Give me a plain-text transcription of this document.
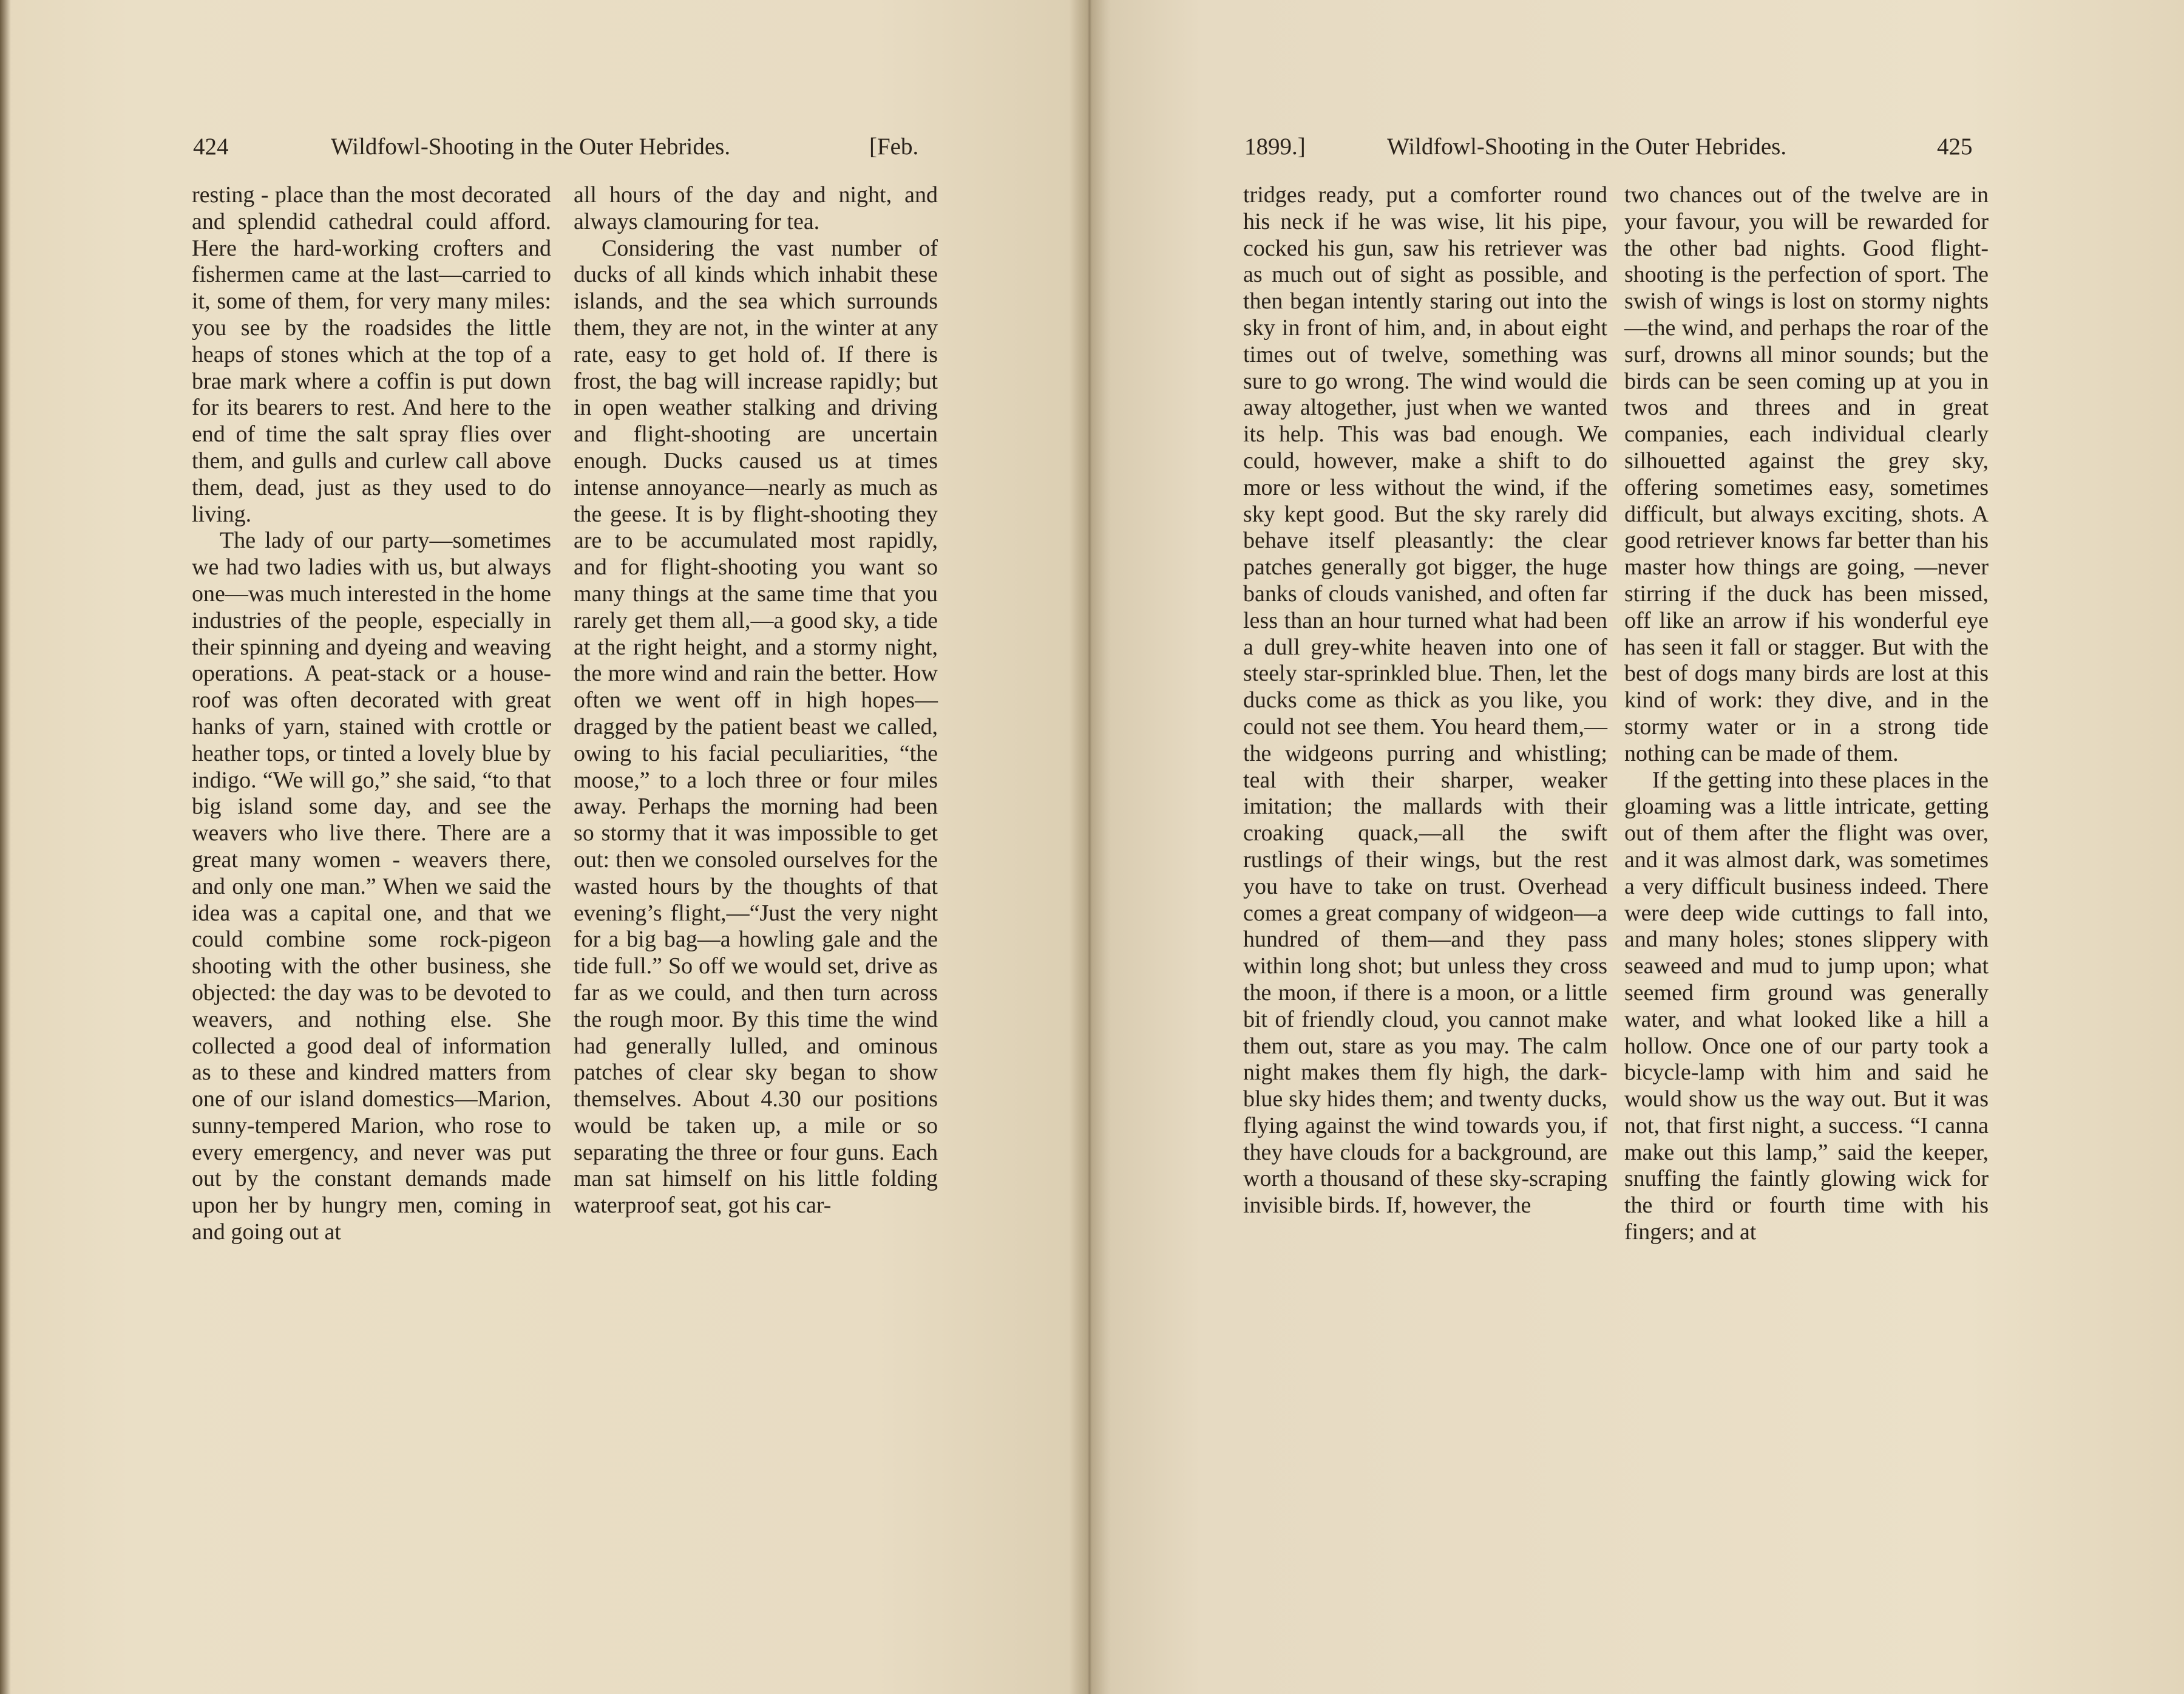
424	Wildfowl-Shooting in the Outer Hebrides.	[Feb.

resting - place than the most decorated and splendid cathedral could afford. Here the hard-working crofters and fishermen came at the last—carried to it, some of them, for very many miles: you see by the roadsides the little heaps of stones which at the top of a brae mark where a coffin is put down for its bearers to rest. And here to the end of time the salt spray flies over them, and gulls and curlew call above them, dead, just as they used to do living.

The lady of our party—sometimes we had two ladies with us, but always one—was much interested in the home industries of the people, especially in their spinning and dyeing and weaving operations. A peat-stack or a house-roof was often decorated with great hanks of yarn, stained with crottle or heather tops, or tinted a lovely blue by indigo. “We will go,” she said, “to that big island some day, and see the weavers who live there. There are a great many women - weavers there, and only one man.” When we said the idea was a capital one, and that we could combine some rock-pigeon shooting with the other business, she objected: the day was to be devoted to weavers, and nothing else. She collected a good deal of information as to these and kindred matters from one of our island domestics—Marion, sunny-tempered Marion, who rose to every emergency, and never was put out by the constant demands made upon her by hungry men, coming in and going out at

all hours of the day and night, and always clamouring for tea.

Considering the vast number of ducks of all kinds which inhabit these islands, and the sea which surrounds them, they are not, in the winter at any rate, easy to get hold of. If there is frost, the bag will increase rapidly; but in open weather stalking and driving and flight-shooting are uncertain enough. Ducks caused us at times intense annoyance—nearly as much as the geese. It is by flight-shooting they are to be accumulated most rapidly, and for flight-shooting you want so many things at the same time that you rarely get them all,—a good sky, a tide at the right height, and a stormy night, the more wind and rain the better. How often we went off in high hopes—dragged by the patient beast we called, owing to his facial peculiarities, “the moose,” to a loch three or four miles away. Perhaps the morning had been so stormy that it was impossible to get out: then we consoled ourselves for the wasted hours by the thoughts of that evening’s flight,—“Just the very night for a big bag—a howling gale and the tide full.” So off we would set, drive as far as we could, and then turn across the rough moor. By this time the wind had generally lulled, and ominous patches of clear sky began to show themselves. About 4.30 our positions would be taken up, a mile or so separating the three or four guns. Each man sat himself on his little folding waterproof seat, got his car-

1899.]	Wildfowl-Shooting in the Outer Hebrides.	425

tridges ready, put a comforter round his neck if he was wise, lit his pipe, cocked his gun, saw his retriever was as much out of sight as possible, and then began intently staring out into the sky in front of him, and, in about eight times out of twelve, something was sure to go wrong. The wind would die away altogether, just when we wanted its help. This was bad enough. We could, however, make a shift to do more or less without the wind, if the sky kept good. But the sky rarely did behave itself pleasantly: the clear patches generally got bigger, the huge banks of clouds vanished, and often far less than an hour turned what had been a dull grey-white heaven into one of steely star-sprinkled blue. Then, let the ducks come as thick as you like, you could not see them. You heard them,—the widgeons purring and whistling; teal with their sharper, weaker imitation; the mallards with their croaking quack,—all the swift rustlings of their wings, but the rest you have to take on trust. Overhead comes a great company of widgeon—a hundred of them—and they pass within long shot; but unless they cross the moon, if there is a moon, or a little bit of friendly cloud, you cannot make them out, stare as you may. The calm night makes them fly high, the dark-blue sky hides them; and twenty ducks, flying against the wind towards you, if they have clouds for a background, are worth a thousand of these sky-scraping invisible birds. If, however, the

two chances out of the twelve are in your favour, you will be rewarded for the other bad nights. Good flight-shooting is the perfection of sport. The swish of wings is lost on stormy nights—the wind, and perhaps the roar of the surf, drowns all minor sounds; but the birds can be seen coming up at you in twos and threes and in great companies, each individual clearly silhouetted against the grey sky, offering sometimes easy, sometimes difficult, but always exciting, shots. A good retriever knows far better than his master how things are going, —never stirring if the duck has been missed, off like an arrow if his wonderful eye has seen it fall or stagger. But with the best of dogs many birds are lost at this kind of work: they dive, and in the stormy water or in a strong tide nothing can be made of them.

If the getting into these places in the gloaming was a little intricate, getting out of them after the flight was over, and it was almost dark, was sometimes a very difficult business indeed. There were deep wide cuttings to fall into, and many holes; stones slippery with seaweed and mud to jump upon; what seemed firm ground was generally water, and what looked like a hill a hollow. Once one of our party took a bicycle-lamp with him and said he would show us the way out. But it was not, that first night, a success. “I canna make out this lamp,” said the keeper, snuffing the faintly glowing wick for the third or fourth time with his fingers; and at
